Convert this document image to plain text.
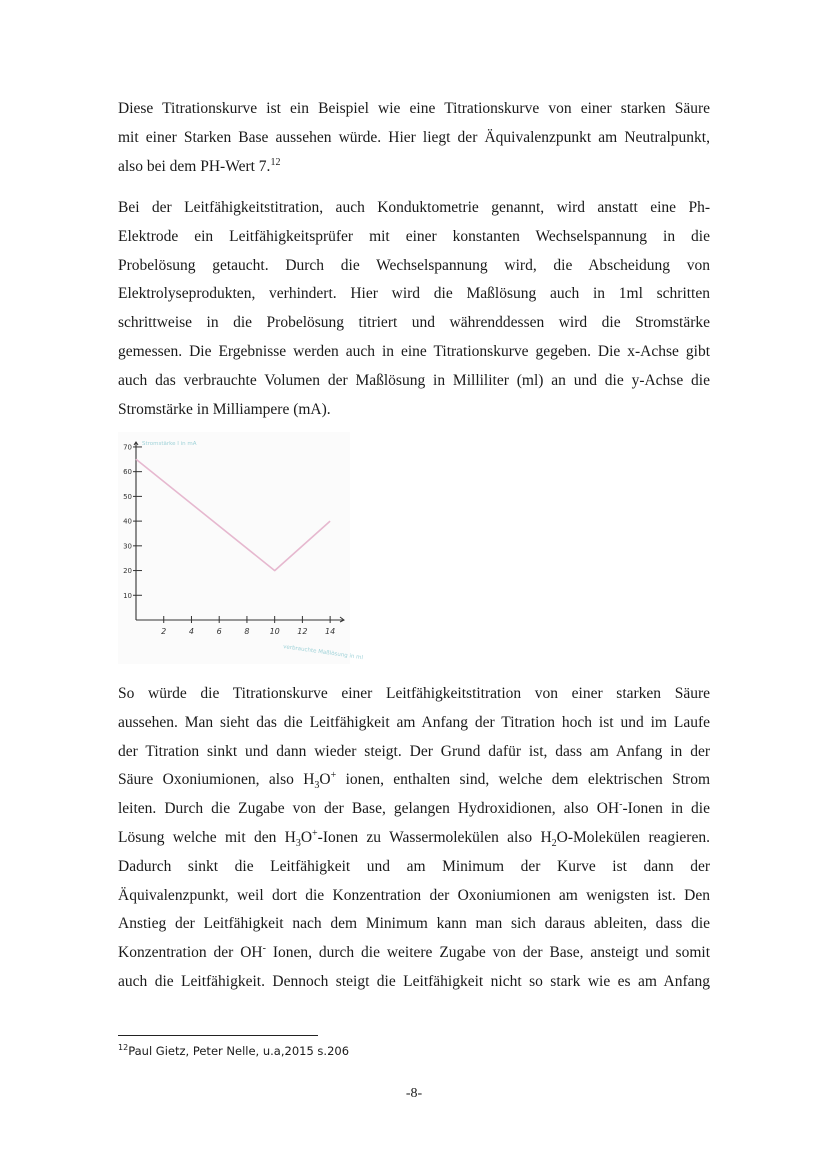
Diese Titrationskurve ist ein Beispiel wie eine Titrationskurve von einer starken Säure
mit einer Starken Base aussehen würde. Hier liegt der Äquivalenzpunkt am Neutralpunkt,
also bei dem PH-Wert 7.12
Bei der Leitfähigkeitstitration, auch Konduktometrie genannt, wird anstatt eine Ph-
Elektrode ein Leitfähigkeitsprüfer mit einer konstanten Wechselspannung in die
Probelösung getaucht. Durch die Wechselspannung wird, die Abscheidung von
Elektrolyseprodukten, verhindert. Hier wird die Maßlösung auch in 1ml schritten
schrittweise in die Probelösung titriert und währenddessen wird die Stromstärke
gemessen. Die Ergebnisse werden auch in eine Titrationskurve gegeben. Die x-Achse gibt
auch das verbrauchte Volumen der Maßlösung in Milliliter (ml) an und die y-Achse die
Stromstärke in Milliampere (mA).
70
60
50
40
30
20
10
2	4	6	8	10 12 14
Stromstärke I in mA
verbrauchte Maßlösung in ml
So würde die Titrationskurve einer Leitfähigkeitstitration von einer starken Säure
aussehen. Man sieht das die Leitfähigkeit am Anfang der Titration hoch ist und im Laufe
der Titration sinkt und dann wieder steigt. Der Grund dafür ist, dass am Anfang in der
Säure Oxoniumionen, also $H_3O^+$ ionen, enthalten sind, welche dem elektrischen Strom
leiten. Durch die Zugabe von der Base, gelangen Hydroxidionen, also OH--Ionen in die
Lösung welche mit den $H_3O^+$-Ionen zu Wassermolekülen also $H_2O$-Molekülen reagieren.
Dadurch sinkt die Leitfähigkeit und am Minimum der Kurve ist dann der
Äquivalenzpunkt, weil dort die Konzentration der Oxoniumionen am wenigsten ist. Den
Anstieg der Leitfähigkeit nach dem Minimum kann man sich daraus ableiten, dass die
Konzentration der OH- Ionen, durch die weitere Zugabe von der Base, ansteigt und somit
auch die Leitfähigkeit. Dennoch steigt die Leitfähigkeit nicht so stark wie es am Anfang
$^{12}$Paul Gietz, Peter Nelle, u.a,2015 s.206
-8-
